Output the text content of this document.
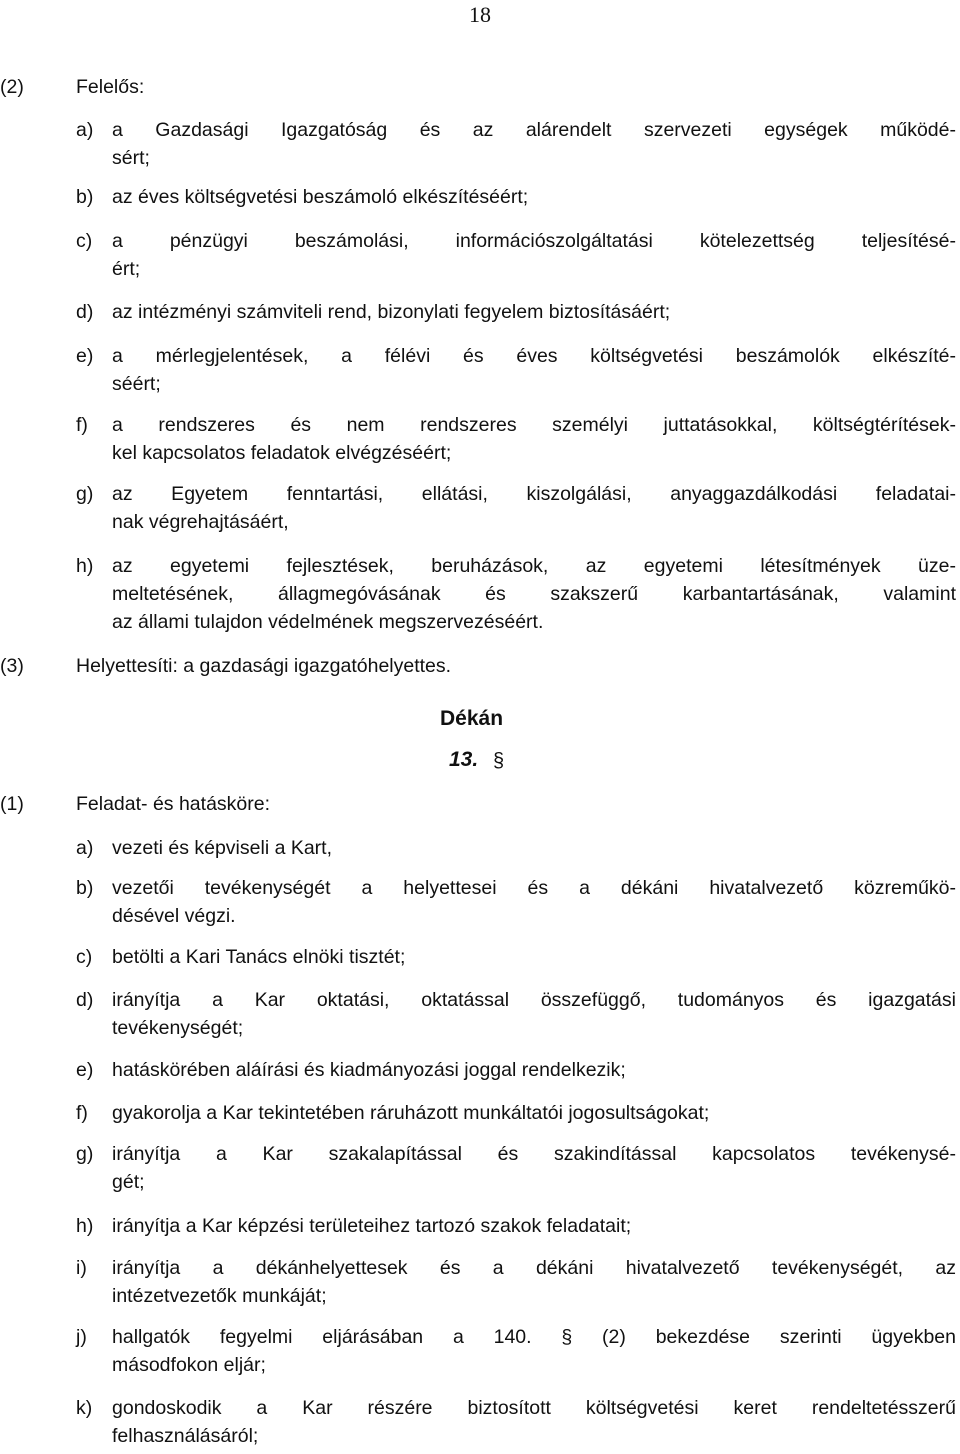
18
(2)	Felelős:
a) a Gazdasági Igazgatóság és az alárendelt szervezeti egységek működé-
sért;
b) az éves költségvetési beszámoló elkészítéséért;
c) a pénzügyi beszámolási, információszolgáltatási kötelezettség teljesítésé-
ért;
d) az intézményi számviteli rend, bizonylati fegyelem biztosításáért;
e) a mérlegjelentések, a félévi és éves költségvetési beszámolók elkészíté-
séért;
f) a rendszeres és nem rendszeres személyi juttatásokkal, költségtérítések-
kel kapcsolatos feladatok elvégzéséért;
g) az Egyetem fenntartási, ellátási, kiszolgálási, anyaggazdálkodási feladatai-
nak végrehajtásáért,
h) az egyetemi fejlesztések, beruházások, az egyetemi létesítmények üze-
meltetésének, állagmegóvásának és szakszerű karbantartásának, valamint
az állami tulajdon védelmének megszervezéséért.
(3)	Helyettesíti: a gazdasági igazgatóhelyettes.
Dékán
13. §
(1)	Feladat- és hatásköre:
a) vezeti és képviseli a Kart,
b) vezetői tevékenységét a helyettesei és a dékáni hivatalvezető közreműkö-
désével végzi.
c) betölti a Kari Tanács elnöki tisztét;
d) irányítja a Kar oktatási, oktatással összefüggő, tudományos és igazgatási
tevékenységét;
e) hatáskörében aláírási és kiadmányozási joggal rendelkezik;
f) gyakorolja a Kar tekintetében ráruházott munkáltatói jogosultságokat;
g) irányítja a Kar szakalapítással és szakindítással kapcsolatos tevékenysé-
gét;
h) irányítja a Kar képzési területeihez tartozó szakok feladatait;
i) irányítja a dékánhelyettesek és a dékáni hivatalvezető tevékenységét, az
intézetvezetők munkáját;
j) hallgatók fegyelmi eljárásában a 140. § (2) bekezdése szerinti ügyekben
másodfokon eljár;
k) gondoskodik a Kar részére biztosított költségvetési keret rendeltetésszerű
felhasználásáról;
